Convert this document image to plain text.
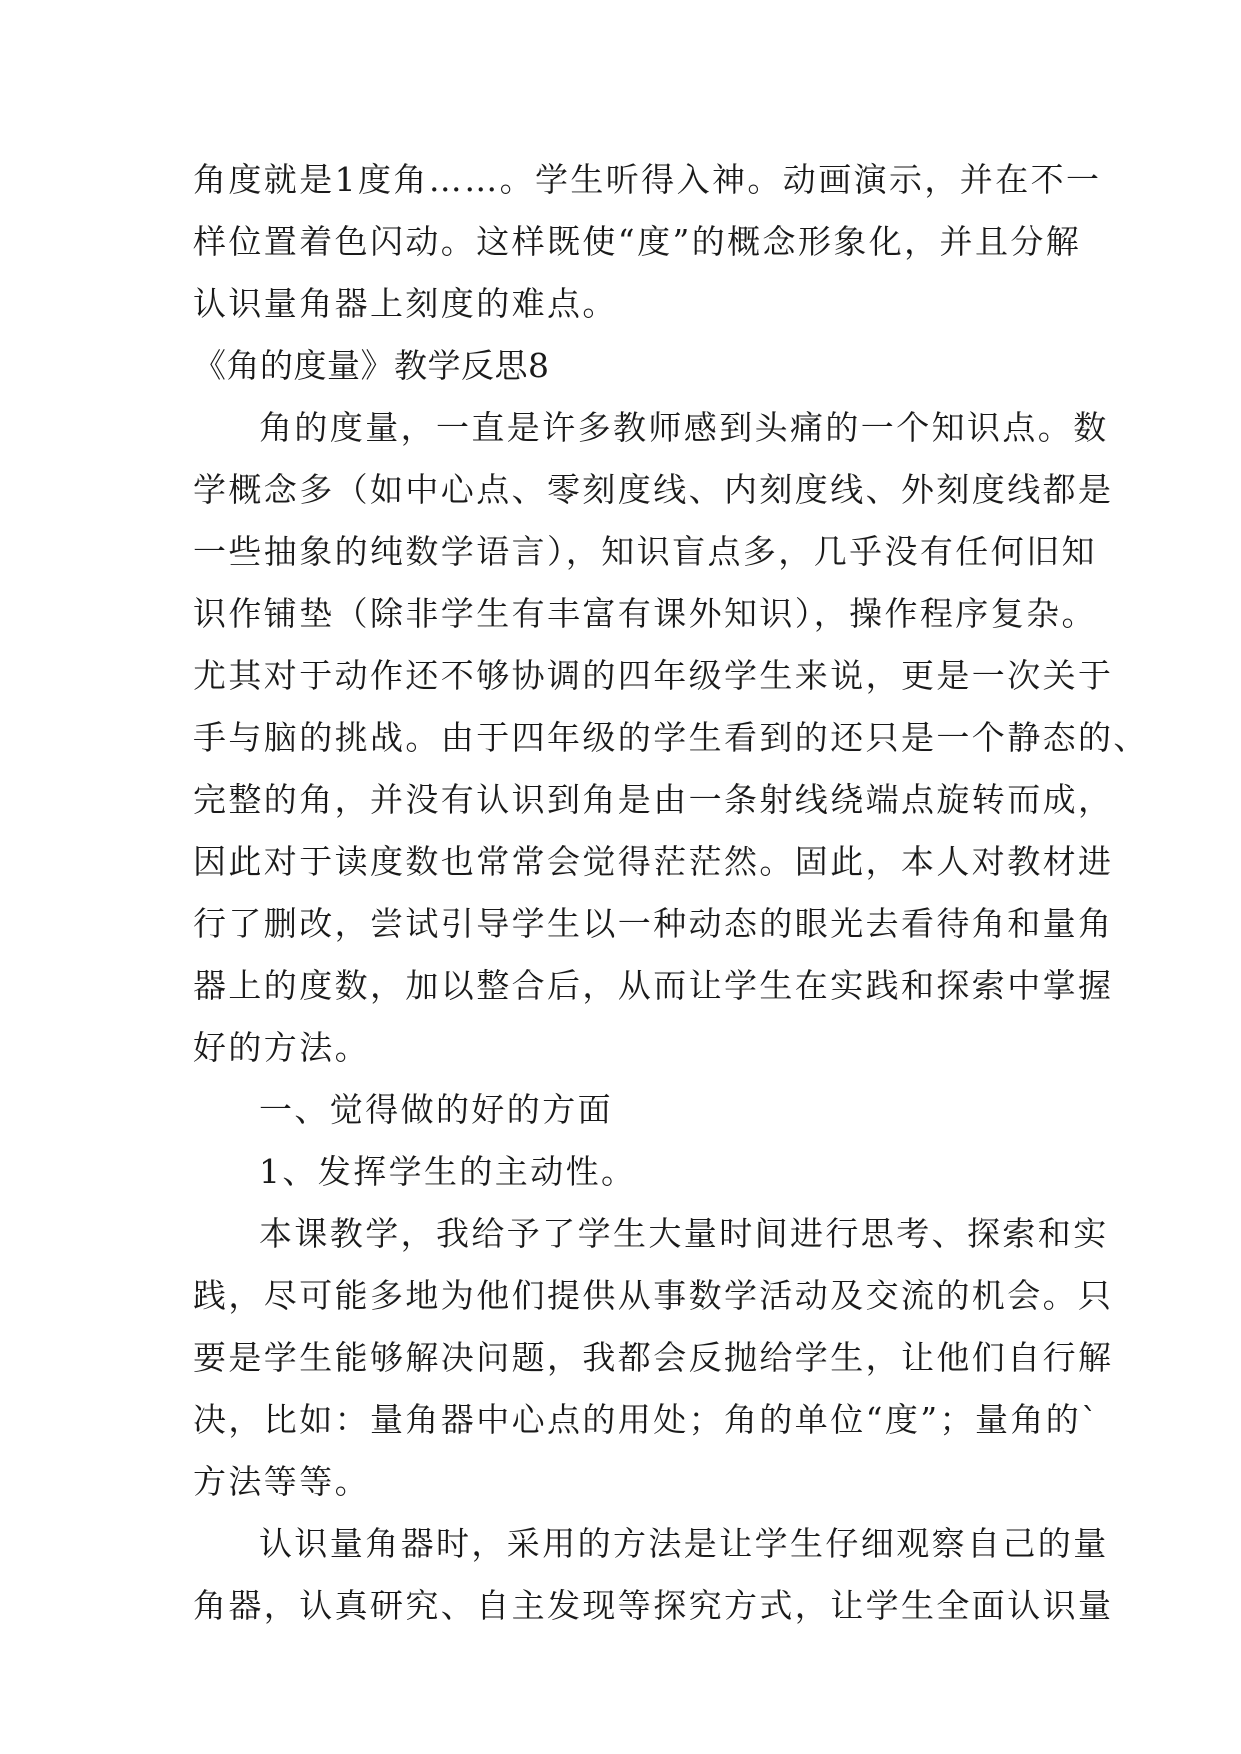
角度就是1度角……。学生听得入神。动画演示，并在不一
样位置着色闪动。这样既使“度”的概念形象化，并且分解
认识量角器上刻度的难点。
《角的度量》教学反思8
角的度量，一直是许多教师感到头痛的一个知识点。数
学概念多（如中心点、零刻度线、内刻度线、外刻度线都是
一些抽象的纯数学语言），知识盲点多，几乎没有任何旧知
识作铺垫（除非学生有丰富有课外知识），操作程序复杂。
尤其对于动作还不够协调的四年级学生来说，更是一次关于
手与脑的挑战。由于四年级的学生看到的还只是一个静态的、
完整的角，并没有认识到角是由一条射线绕端点旋转而成，
因此对于读度数也常常会觉得茫茫然。固此，本人对教材进
行了删改，尝试引导学生以一种动态的眼光去看待角和量角
器上的度数，加以整合后，从而让学生在实践和探索中掌握
好的方法。
一、觉得做的好的方面
1、发挥学生的主动性。
本课教学，我给予了学生大量时间进行思考、探索和实
践，尽可能多地为他们提供从事数学活动及交流的机会。只
要是学生能够解决问题，我都会反抛给学生，让他们自行解
决，比如：量角器中心点的用处；角的单位“度”；量角的`
方法等等。
认识量角器时，采用的方法是让学生仔细观察自己的量
角器，认真研究、自主发现等探究方式，让学生全面认识量
